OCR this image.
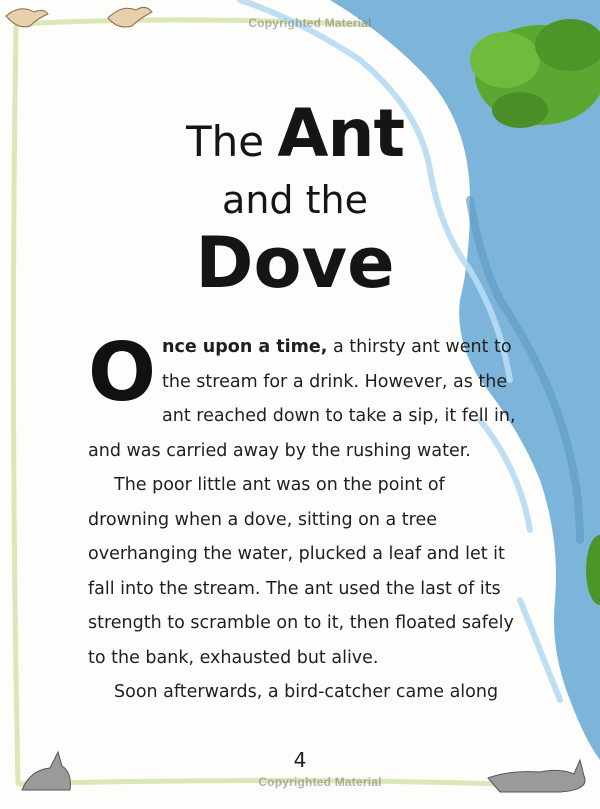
Copyrighted Material
The Ant
and the
Dove

Once upon a time, a thirsty ant went to the stream for a drink. However, as the ant reached down to take a sip, it fell in, and was carried away by the rushing water.

The poor little ant was on the point of drowning when a dove, sitting on a tree overhanging the water, plucked a leaf and let it fall into the stream. The ant used the last of its strength to scramble on to it, then floated safely to the bank, exhausted but alive.

Soon afterwards, a bird-catcher came along

4
Copyrighted Material
